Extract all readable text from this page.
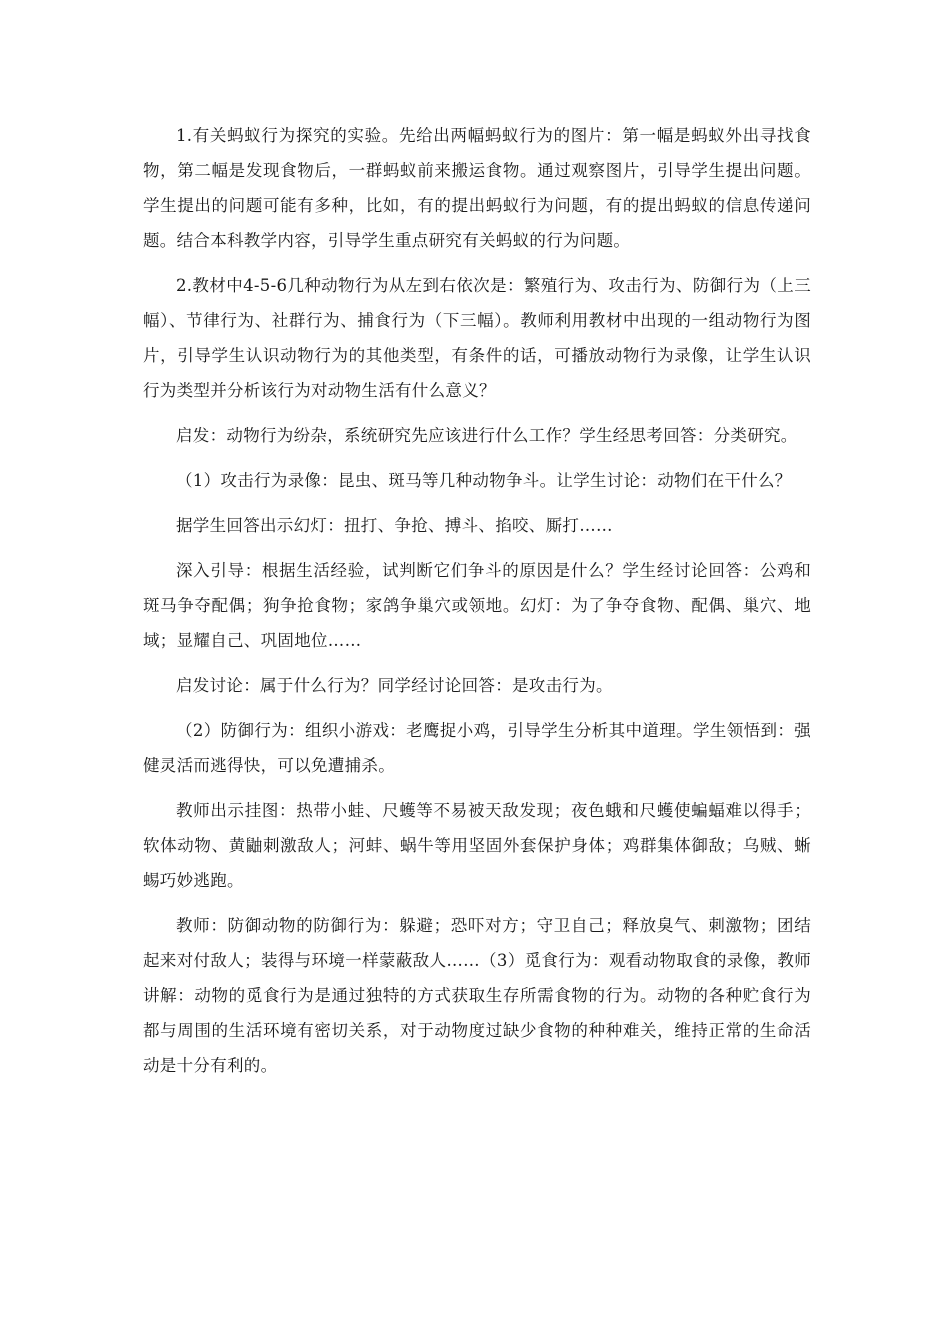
1.有关蚂蚁行为探究的实验。先给出两幅蚂蚁行为的图片：第一幅是蚂蚁外出寻找食物，第二幅是发现食物后，一群蚂蚁前来搬运食物。通过观察图片，引导学生提出问题。学生提出的问题可能有多种，比如，有的提出蚂蚁行为问题，有的提出蚂蚁的信息传递问题。结合本科教学内容，引导学生重点研究有关蚂蚁的行为问题。

2.教材中4-5-6几种动物行为从左到右依次是：繁殖行为、攻击行为、防御行为（上三幅）、节律行为、社群行为、捕食行为（下三幅）。教师利用教材中出现的一组动物行为图片，引导学生认识动物行为的其他类型，有条件的话，可播放动物行为录像，让学生认识行为类型并分析该行为对动物生活有什么意义？

启发：动物行为纷杂，系统研究先应该进行什么工作？学生经思考回答：分类研究。

（1）攻击行为录像：昆虫、斑马等几种动物争斗。让学生讨论：动物们在干什么？

据学生回答出示幻灯：扭打、争抢、搏斗、掐咬、厮打……

深入引导：根据生活经验，试判断它们争斗的原因是什么？学生经讨论回答：公鸡和斑马争夺配偶；狗争抢食物；家鸽争巢穴或领地。幻灯：为了争夺食物、配偶、巢穴、地域；显耀自己、巩固地位……

启发讨论：属于什么行为？同学经讨论回答：是攻击行为。

（2）防御行为：组织小游戏：老鹰捉小鸡，引导学生分析其中道理。学生领悟到：强健灵活而逃得快，可以免遭捕杀。

教师出示挂图：热带小蛙、尺蠖等不易被天敌发现；夜色蛾和尺蠖使蝙蝠难以得手；软体动物、黄鼬刺激敌人；河蚌、蜗牛等用坚固外套保护身体；鸡群集体御敌；乌贼、蜥蜴巧妙逃跑。

教师：防御动物的防御行为：躲避；恐吓对方；守卫自己；释放臭气、刺激物；团结起来对付敌人；装得与环境一样蒙蔽敌人……（3）觅食行为：观看动物取食的录像，教师讲解：动物的觅食行为是通过独特的方式获取生存所需食物的行为。动物的各种贮食行为都与周围的生活环境有密切关系，对于动物度过缺少食物的种种难关，维持正常的生命活动是十分有利的。
